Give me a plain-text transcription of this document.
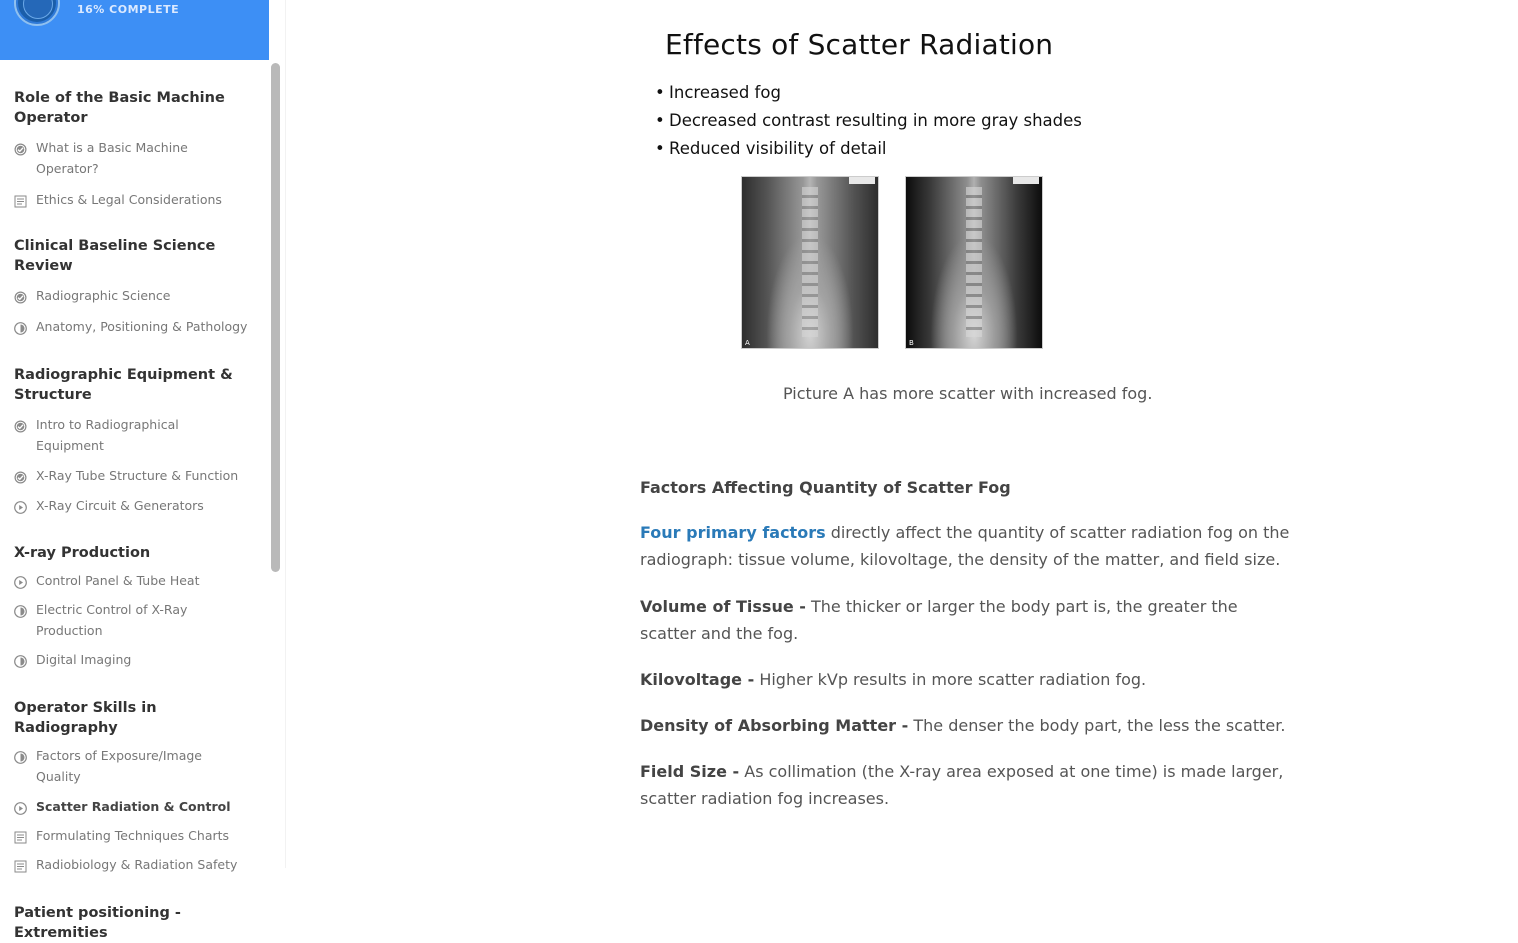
16% COMPLETE
Role of the Basic Machine Operator
What is a Basic Machine Operator?
Ethics & Legal Considerations
Clinical Baseline Science Review
Radiographic Science
Anatomy, Positioning & Pathology
Radiographic Equipment & Structure
Intro to Radiographical Equipment
X-Ray Tube Structure & Function
X-Ray Circuit & Generators
X-ray Production
Control Panel & Tube Heat
Electric Control of X-Ray Production
Digital Imaging
Operator Skills in Radiography
Factors of Exposure/Image Quality
Scatter Radiation & Control
Formulating Techniques Charts
Radiobiology & Radiation Safety
Patient positioning - Extremities
Effects of Scatter Radiation
• Increased fog
• Decreased contrast resulting in more gray shades
• Reduced visibility of detail
A	B
Picture A has more scatter with increased fog.
Factors Affecting Quantity of Scatter Fog
Four primary factors directly affect the quantity of scatter radiation fog on the radiograph: tissue volume, kilovoltage, the density of the matter, and field size.
Volume of Tissue - The thicker or larger the body part is, the greater the scatter and the fog.
Kilovoltage - Higher kVp results in more scatter radiation fog.
Density of Absorbing Matter - The denser the body part, the less the scatter.
Field Size - As collimation (the X-ray area exposed at one time) is made larger, scatter radiation fog increases.
